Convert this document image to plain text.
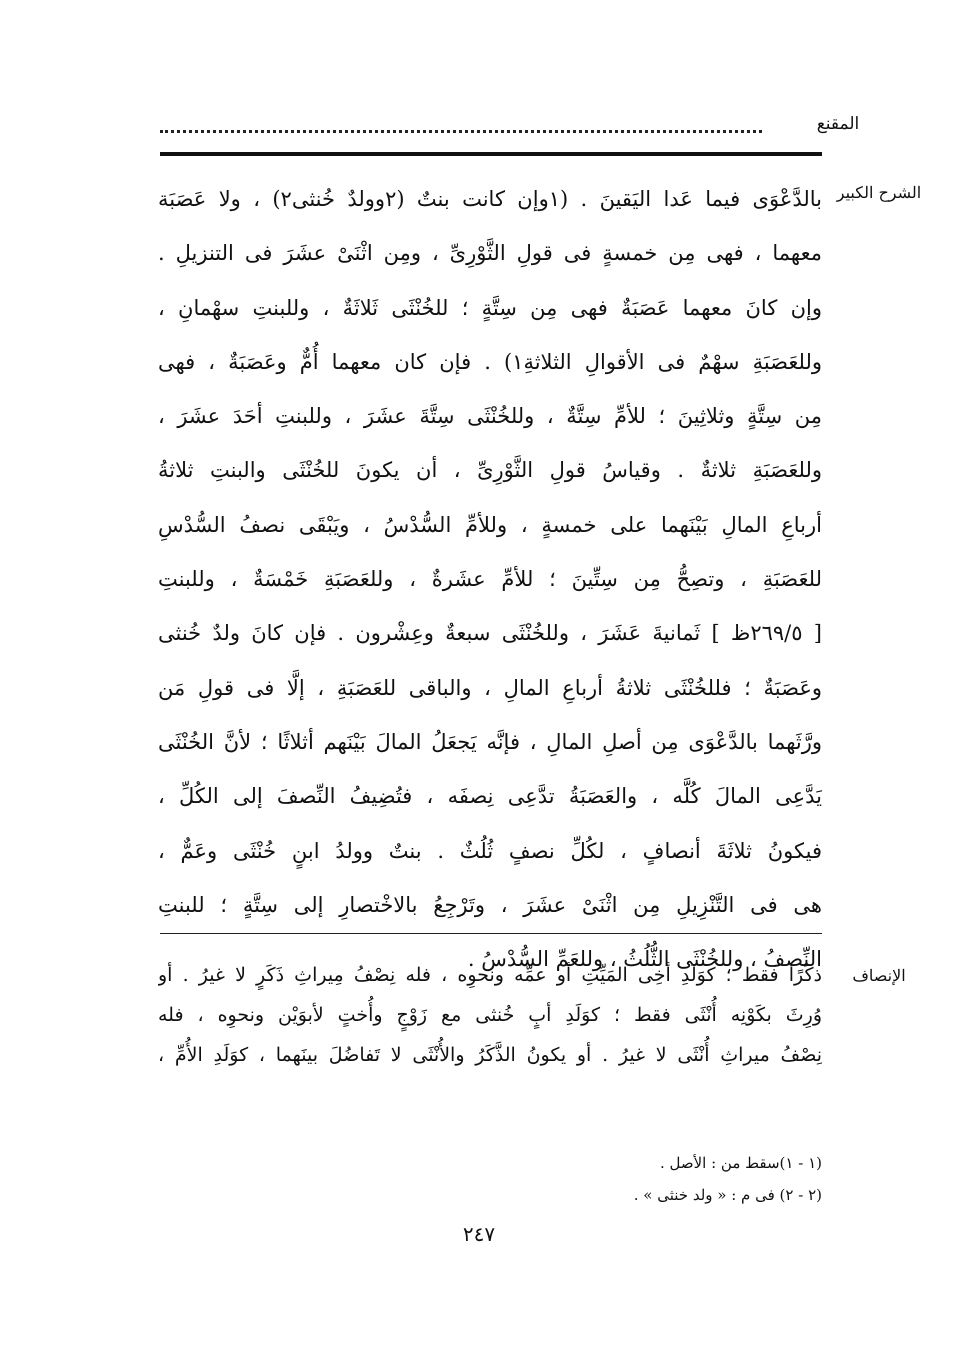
المقنع
الشرح الكبير
بالدَّعْوَى فيما عَدا اليَقينَ . (١وإن كانت بنتٌ (٢وولدٌ خُنثى٢) ، ولا عَصَبَة
معهما ، فهى مِن خمسةٍ فى قولِ الثَّوْرِىِّ ، ومِن اثْنَىْ عشَرَ فى التنزيلِ .
وإن كانَ معهما عَصَبَةٌ فهى مِن سِتَّةٍ ؛ للخُنْثَى ثَلاثَةٌ ، وللبنتِ سهْمانِ ،
وللعَصَبَةِ سهْمٌ فى الأقوالِ الثلاثةِ١) . فإن كان معهما أُمٌّ وعَصَبَةٌ ، فهى
مِن سِتَّةٍ وثلاثِينَ ؛ للأمِّ سِتَّةٌ ، وللخُنْثَى سِتَّةَ عشَرَ ، وللبنتِ أحَدَ عشَرَ ،
وللعَصَبَةِ ثلاثةٌ . وقياسُ قولِ الثَّوْرِىِّ ، أن يكونَ للخُنْثَى والبنتِ ثلاثةُ
أرباعِ المالِ بَيْنَهما على خمسةٍ ، وللأمِّ السُّدْسُ ، ويَبْقَى نصفُ السُّدْسِ
للعَصَبَةِ ، وتصِحُّ مِن سِتِّينَ ؛ للأمِّ عشَرةٌ ، وللعَصَبَةِ خَمْسَةٌ ، وللبنتِ
[ ٢٦٩/٥ظ ] ثَمانيةَ عَشَرَ ، وللخُنْثَى سبعةٌ وعِشْرون . فإن كانَ ولدٌ خُنثى
وعَصَبَةٌ ؛ فللخُنْثَى ثلاثةُ أرباعِ المالِ ، والباقى للعَصَبَةِ ، إلَّا فى قولِ مَن
ورَّثَهما بالدَّعْوَى مِن أصلِ المالِ ، فإنَّه يَجعَلُ المالَ بَيْنَهم أثلاثًا ؛ لأنَّ الخُنْثَى
يَدَّعِى المالَ كُلَّه ، والعَصَبَةُ تدَّعِى نِصفَه ، فتُضِيفُ النِّصفَ إلى الكُلِّ ،
فيكونُ ثلاثَةَ أنصافٍ ، لكُلِّ نصفٍ ثُلُثٌ . بنتٌ وولدُ ابنٍ خُنْثَى وعَمٌّ ،
هى فى التَّنْزِيلِ مِن اثْنَىْ عشَرَ ، وتَرْجِعُ بالاخْتصارِ إلى سِتَّةٍ ؛ للبنتِ
النِّصفُ ، وللخُنْثَى الثُّلُثُ ، وللعَمِّ السُّدْسُ .
الإنصاف
ذكَرًا فقط ؛ كوَلَدِ أخِى المَيِّتِ أو عمِّه ونحوِه ، فله نِصْفُ مِيراثِ ذَكَرٍ لا غيرُ . أو
وُرِثَ بكَوْنِه أُنْثَى فقط ؛ كوَلَدِ أبٍ خُنثى مع زَوْجٍ وأُختٍ لأبوَيْن ونحوِه ، فله
نِصْفُ ميراثِ أُنْثَى لا غيرُ . أو يكونُ الذَّكَرُ والأُنْثَى لا تَفاضُلَ بينَهما ، كوَلَدِ الأُمِّ ،
(١ - ١)سقط من : الأصل .
(٢ - ٢) فى م : « ولد خنثى » .
٢٤٧
